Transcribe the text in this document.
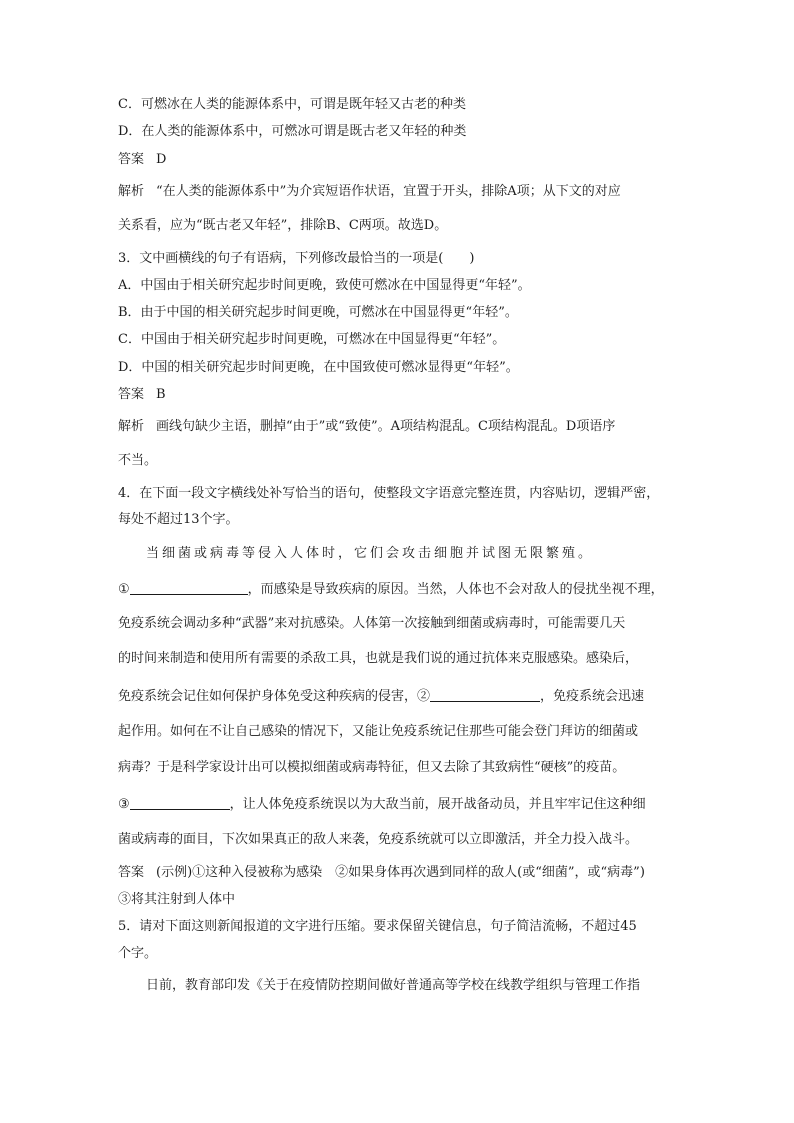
C．可燃冰在人类的能源体系中，可谓是既年轻又古老的种类
D．在人类的能源体系中，可燃冰可谓是既古老又年轻的种类
答案 D
解析 “在人类的能源体系中”为介宾短语作状语，宜置于开头，排除A项；从下文的对应
关系看，应为“既古老又年轻”，排除B、C两项。故选D。
3．文中画横线的句子有语病，下列修改最恰当的一项是(　　)
A．中国由于相关研究起步时间更晚，致使可燃冰在中国显得更“年轻”。
B．由于中国的相关研究起步时间更晚，可燃冰在中国显得更“年轻”。
C．中国由于相关研究起步时间更晚，可燃冰在中国显得更“年轻”。
D．中国的相关研究起步时间更晚，在中国致使可燃冰显得更“年轻”。
答案 B
解析 画线句缺少主语，删掉“由于”或“致使”。A项结构混乱。C项结构混乱。D项语序
不当。
4．在下面一段文字横线处补写恰当的语句，使整段文字语意完整连贯，内容贴切，逻辑严密，
每处不超过13个字。
当细菌或病毒等侵入人体时，它们会攻击细胞并试图无限繁殖。
①	，而感染是导致疾病的原因。当然，人体也不会对敌人的侵扰坐视不理，
免疫系统会调动多种“武器”来对抗感染。人体第一次接触到细菌或病毒时，可能需要几天
的时间来制造和使用所有需要的杀敌工具，也就是我们说的通过抗体来克服感染。感染后，
免疫系统会记住如何保护身体免受这种疾病的侵害，②	，免疫系统会迅速
起作用。如何在不让自己感染的情况下，又能让免疫系统记住那些可能会登门拜访的细菌或
病毒？于是科学家设计出可以模拟细菌或病毒特征，但又去除了其致病性“硬核”的疫苗。
③	，让人体免疫系统误以为大敌当前，展开战备动员，并且牢牢记住这种细
菌或病毒的面目，下次如果真正的敌人来袭，免疫系统就可以立即激活，并全力投入战斗。
答案 (示例)①这种入侵被称为感染　②如果身体再次遇到同样的敌人(或“细菌”，或“病毒”)
③将其注射到人体中
5．请对下面这则新闻报道的文字进行压缩。要求保留关键信息，句子简洁流畅，不超过45
个字。
日前，教育部印发《关于在疫情防控期间做好普通高等学校在线教学组织与管理工作指
